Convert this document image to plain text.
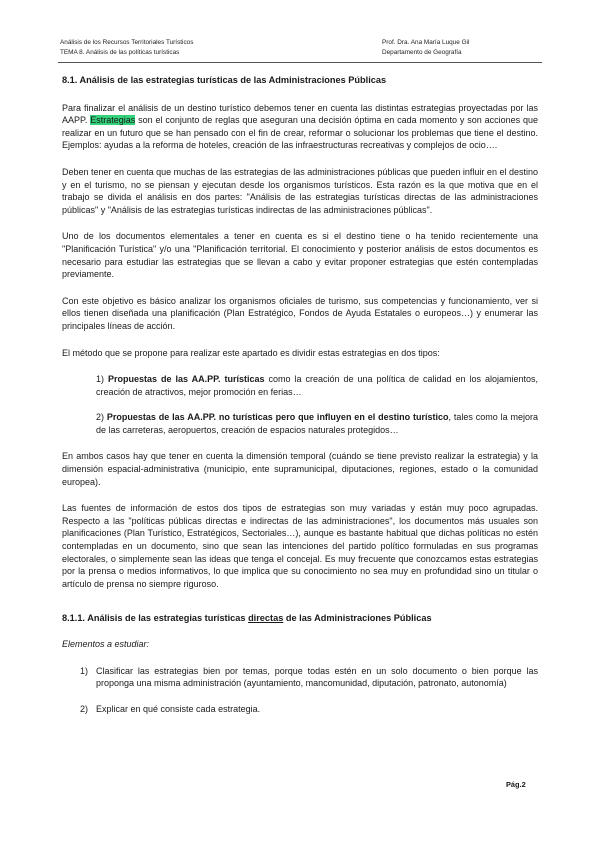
Análisis de los Recursos Territoriales Turísticos
TEMA 8. Análisis de las políticas turísticas
Prof. Dra. Ana María Luque Gil
Departamento de Geografía
8.1. Análisis de las estrategias turísticas de las Administraciones Públicas

Para finalizar el análisis de un destino turístico debemos tener en cuenta las distintas estrategias proyectadas por las AAPP. Estrategias son el conjunto de reglas que aseguran una decisión óptima en cada momento y son acciones que realizar en un futuro que se han pensado con el fin de crear, reformar o solucionar los problemas que tiene el destino. Ejemplos: ayudas a la reforma de hoteles, creación de las infraestructuras recreativas y complejos de ocio….

Deben tener en cuenta que muchas de las estrategias de las administraciones públicas que pueden influir en el destino y en el turismo, no se piensan y ejecutan desde los organismos turísticos. Esta razón es la que motiva que en el trabajo se divida el análisis en dos partes: "Análisis de las estrategias turísticas directas de las administraciones públicas" y "Análisis de las estrategias turísticas indirectas de las administraciones públicas".

Uno de los documentos elementales a tener en cuenta es si el destino tiene o ha tenido recientemente una "Planificación Turística" y/o una "Planificación territorial. El conocimiento y posterior análisis de estos documentos es necesario para estudiar las estrategias que se llevan a cabo y evitar proponer estrategias que estén contempladas previamente.

Con este objetivo es básico analizar los organismos oficiales de turismo, sus competencias y funcionamiento, ver si ellos tienen diseñada una planificación (Plan Estratégico, Fondos de Ayuda Estatales o europeos…) y enumerar las principales líneas de acción.

El método que se propone para realizar este apartado es dividir estas estrategias en dos tipos:

1) Propuestas de las AA.PP. turísticas como la creación de una política de calidad en los alojamientos, creación de atractivos, mejor promoción en ferias…
2) Propuestas de las AA.PP. no turísticas pero que influyen en el destino turístico, tales como la mejora de las carreteras, aeropuertos, creación de espacios naturales protegidos…

En ambos casos hay que tener en cuenta la dimensión temporal (cuándo se tiene previsto realizar la estrategia) y la dimensión espacial-administrativa (municipio, ente supramunicipal, diputaciones, regiones, estado o la comunidad europea).

Las fuentes de información de estos dos tipos de estrategias son muy variadas y están muy poco agrupadas. Respecto a las "políticas públicas directas e indirectas de las administraciones", los documentos más usuales son planificaciones (Plan Turístico, Estratégicos, Sectoriales…), aunque es bastante habitual que dichas políticas no estén contempladas en un documento, sino que sean las intenciones del partido político formuladas en sus programas electorales, o simplemente sean las ideas que tenga el concejal. Es muy frecuente que conozcamos estas estrategias por la prensa o medios informativos, lo que implica que su conocimiento no sea muy en profundidad sino un titular o artículo de prensa no siempre riguroso.

8.1.1. Análisis de las estrategias turísticas directas de las Administraciones Públicas
Elementos a estudiar:
1) Clasificar las estrategias bien por temas, porque todas estén en un solo documento o bien porque las proponga una misma administración (ayuntamiento, mancomunidad, diputación, patronato, autonomía)
2) Explicar en qué consiste cada estrategia.
Pág.2
